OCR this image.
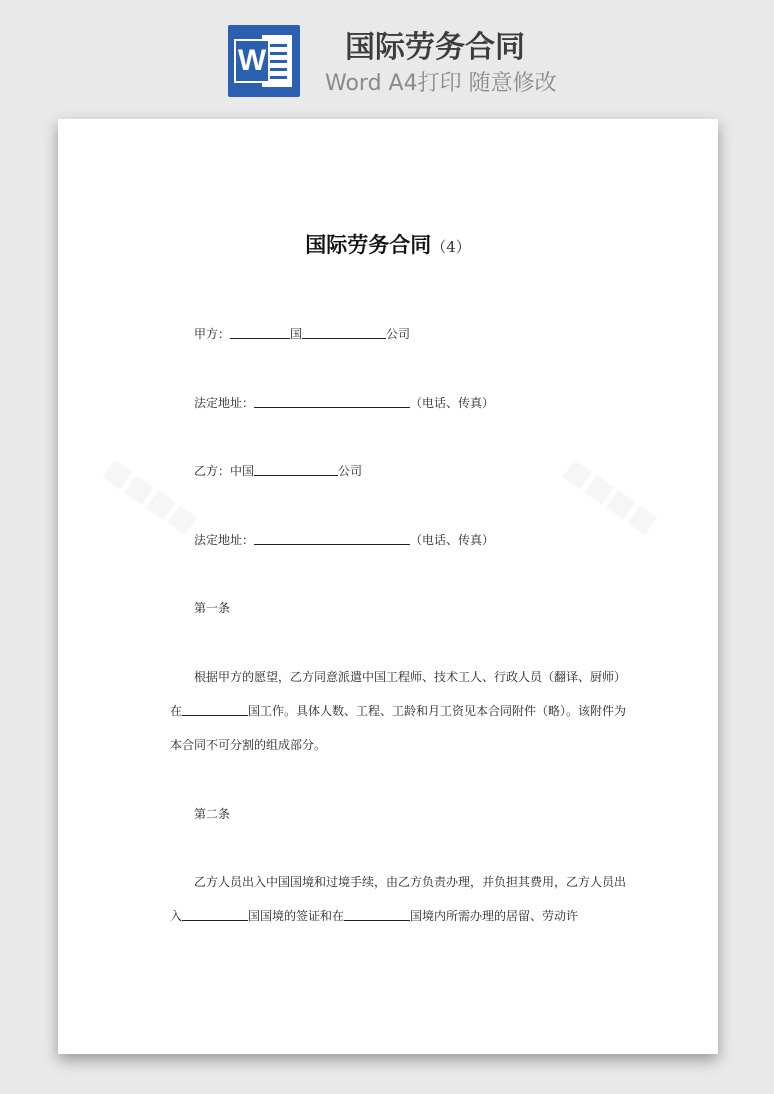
W	国际劳务合同
Word A4打印 随意修改
国际劳务合同（4）
甲方：	国	公司
法定地址：	（电话、传真）
乙方：中国	公司
法定地址：	（电话、传真）
第一条
根据甲方的愿望，乙方同意派遣中国工程师、技术工人、行政人员（翻译、厨师）在	国工作。具体人数、工程、工龄和月工资见本合同附件（略）。该附件为本合同不可分割的组成部分。
第二条
乙方人员出入中国国境和过境手续，由乙方负责办理，并负担其费用，乙方人员出入	国国境的签证和在	国境内所需办理的居留、劳动许
